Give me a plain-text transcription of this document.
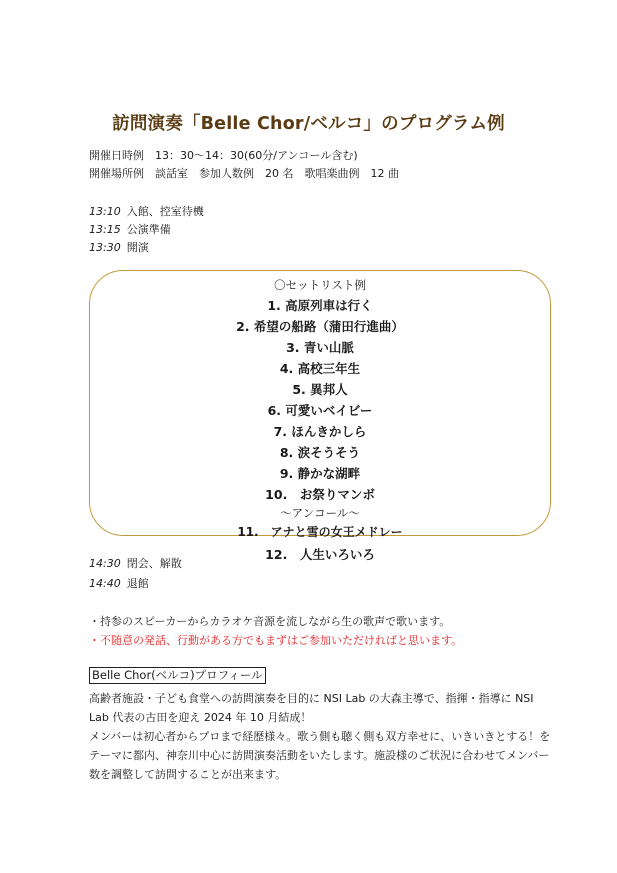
訪問演奏「Belle Chor/ベルコ」のプログラム例
開催日時例　13：30～14：30(60分/アンコール含む)
開催場所例　談話室　参加人数例　20 名　歌唱楽曲例　12 曲
13:10 入館、控室待機
13:15 公演準備
13:30 開演
〇セットリスト例
1. 高原列車は行く
2. 希望の船路（蒲田行進曲）
3. 青い山脈
4. 高校三年生
5. 異邦人
6. 可愛いベイビー
7. ほんきかしら
8. 涙そうそう
9. 静かな湖畔
10.　お祭りマンボ
～アンコール～
11.　アナと雪の女王メドレー
12.　人生いろいろ
14:30 閉会、解散
14:40 退館
・持参のスピーカーからカラオケ音源を流しながら生の歌声で歌います。
・不随意の発話、行動がある方でもまずはご参加いただければと思います。
Belle Chor(ベルコ)プロフィール
高齢者施設・子ども食堂への訪問演奏を目的に NSI Lab の大森主導で、指揮・指導に NSI
Lab 代表の古田を迎え 2024 年 10 月結成！
メンバーは初心者からプロまで経歴様々。歌う側も聴く側も双方幸せに、いきいきとする！を
テーマに都内、神奈川中心に訪問演奏活動をいたします。施設様のご状況に合わせてメンバー
数を調整して訪問することが出来ます。
